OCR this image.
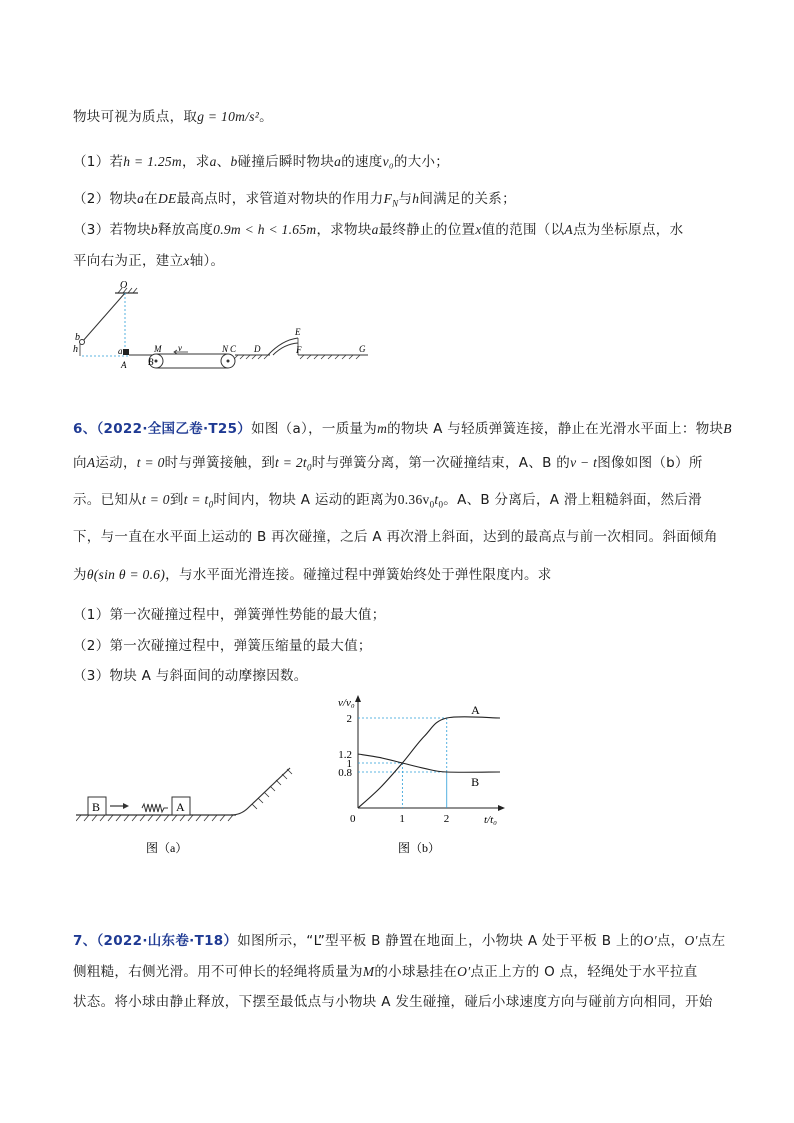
物块可视为质点，取g = 10m/s²。
（1）若h = 1.25m，求a、b碰撞后瞬时物块a的速度v₀的大小；
（2）物块a在DE最高点时，求管道对物块的作用力$F_N$与h间满足的关系；
（3）若物块b释放高度0.9m < h < 1.65m，求物块a最终静止的位置x值的范围（以A点为坐标原点，水
平向右为正，建立x轴）。
O
b
h	a
A B
M v	N C D
E
F	G
6、（2022·全国乙卷·T25）如图（a），一质量为m的物块 A 与轻质弹簧连接，静止在光滑水平面上：物块B
向A运动，t = 0时与弹簧接触，到$t = 2t_0$时与弹簧分离，第一次碰撞结束，A、B 的v − t图像如图（b）所
示。已知从t = 0到$t = t_0$时间内，物块 A 运动的距离为$0.36v_0t_0$。A、B 分离后，A 滑上粗糙斜面，然后滑
下，与一直在水平面上运动的 B 再次碰撞，之后 A 再次滑上斜面，达到的最高点与前一次相同。斜面倾角
为θ(sin θ = 0.6)，与水平面光滑连接。碰撞过程中弹簧始终处于弹性限度内。求
（1）第一次碰撞过程中，弹簧弹性势能的最大值；
（2）第一次碰撞过程中，弹簧压缩量的最大值；
（3）物块 A 与斜面间的动摩擦因数。
B	A
图（a）
1	2
0.8
1
1.2
2
A
B
v/v₀
t/t₀
0
图（b）
7、（2022·山东卷·T18）如图所示，“L”型平板 B 静置在地面上，小物块 A 处于平板 B 上的O′点，O′点左
侧粗糙，右侧光滑。用不可伸长的轻绳将质量为M的小球悬挂在O′点正上方的 O 点，轻绳处于水平拉直
状态。将小球由静止释放，下摆至最低点与小物块 A 发生碰撞，碰后小球速度方向与碰前方向相同，开始
